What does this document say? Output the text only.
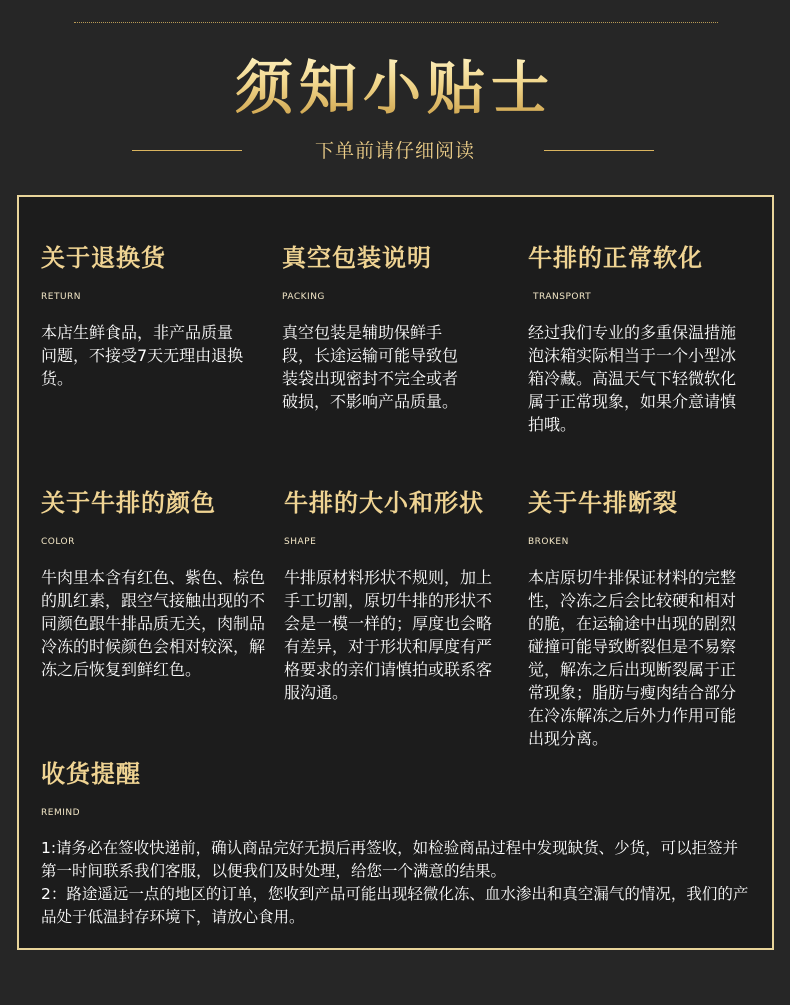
须知小贴士
下单前请仔细阅读
关于退换货
RETURN

本店生鲜食品，非产品质量问题，不接受7天无理由退换货。

真空包装说明
PACKING

真空包装是辅助保鲜手段，长途运输可能导致包装袋出现密封不完全或者破损，不影响产品质量。

牛排的正常软化
TRANSPORT

经过我们专业的多重保温措施泡沫箱实际相当于一个小型冰箱冷藏。高温天气下轻微软化属于正常现象，如果介意请慎拍哦。

关于牛排的颜色
COLOR

牛肉里本含有红色、紫色、棕色的肌红素，跟空气接触出现的不同颜色跟牛排品质无关，肉制品冷冻的时候颜色会相对较深，解冻之后恢复到鲜红色。

牛排的大小和形状
SHAPE

牛排原材料形状不规则，加上手工切割，原切牛排的形状不会是一模一样的；厚度也会略有差异，对于形状和厚度有严格要求的亲们请慎拍或联系客服沟通。

关于牛排断裂
BROKEN

本店原切牛排保证材料的完整性，冷冻之后会比较硬和相对的脆，在运输途中出现的剧烈碰撞可能导致断裂但是不易察觉，解冻之后出现断裂属于正常现象；脂肪与瘦肉结合部分在冷冻解冻之后外力作用可能出现分离。

收货提醒
REMIND

1:请务必在签收快递前，确认商品完好无损后再签收，如检验商品过程中发现缺货、少货，可以拒签并第一时间联系我们客服，以便我们及时处理，给您一个满意的结果。

2：路途遥远一点的地区的订单，您收到产品可能出现轻微化冻、血水渗出和真空漏气的情况，我们的产品处于低温封存环境下，请放心食用。
